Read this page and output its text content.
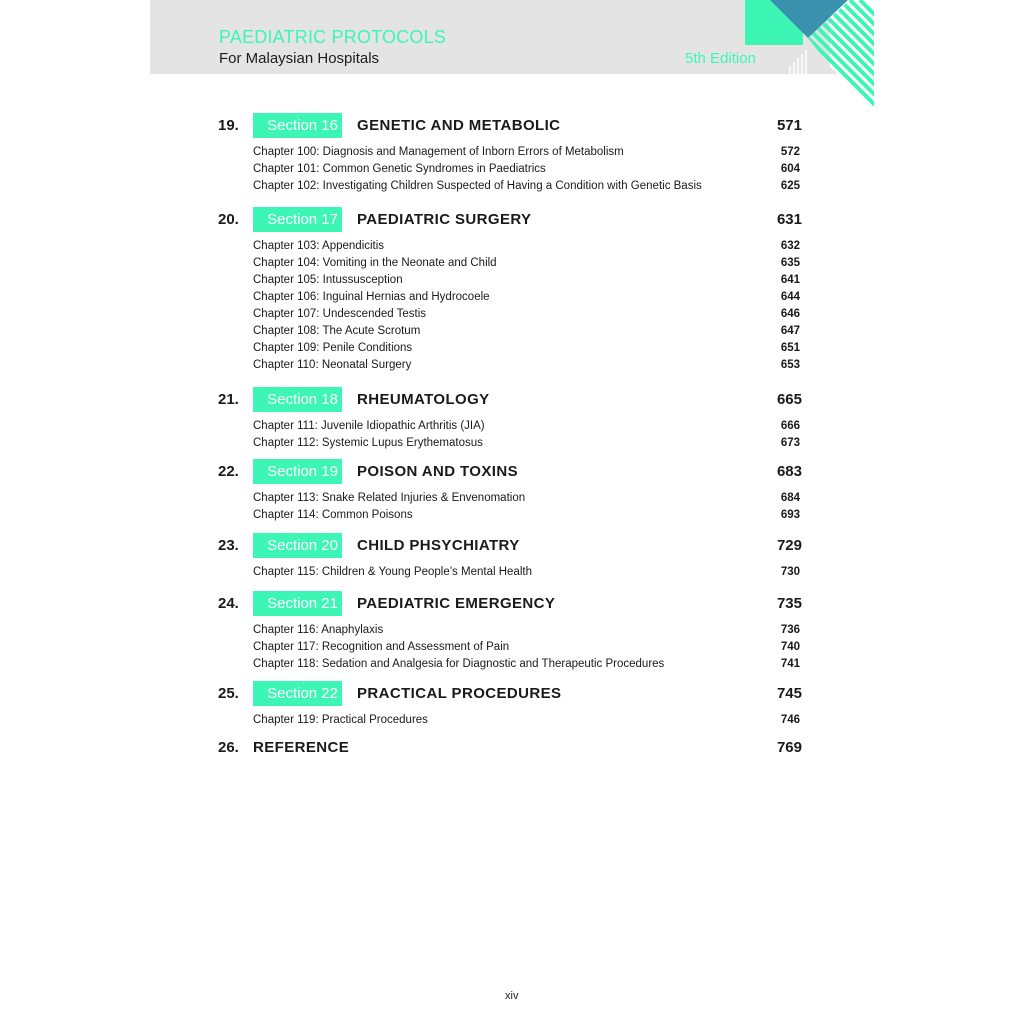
PAEDIATRIC PROTOCOLS
For Malaysian Hospitals	5th Edition
19.	Section 16 GENETIC AND METABOLIC	571
Chapter 100: Diagnosis and Management of Inborn Errors of Metabolism	572
Chapter 101: Common Genetic Syndromes in Paediatrics	604
Chapter 102: Investigating Children Suspected of Having a Condition with Genetic Basis	625
20.	Section 17 PAEDIATRIC SURGERY	631
Chapter 103: Appendicitis	632
Chapter 104: Vomiting in the Neonate and Child	635
Chapter 105: Intussusception	641
Chapter 106: Inguinal Hernias and Hydrocoele	644
Chapter 107: Undescended Testis	646
Chapter 108: The Acute Scrotum	647
Chapter 109: Penile Conditions	651
Chapter 110: Neonatal Surgery	653
21.	Section 18 RHEUMATOLOGY	665
Chapter 111: Juvenile Idiopathic Arthritis (JIA)	666
Chapter 112: Systemic Lupus Erythematosus	673
22.	Section 19 POISON AND TOXINS	683
Chapter 113: Snake Related Injuries & Envenomation	684
Chapter 114: Common Poisons	693
23.	Section 20 CHILD PHSYCHIATRY	729
Chapter 115: Children & Young People’s Mental Health	730
24.	Section 21 PAEDIATRIC EMERGENCY	735
Chapter 116: Anaphylaxis	736
Chapter 117: Recognition and Assessment of Pain	740
Chapter 118: Sedation and Analgesia for Diagnostic and Therapeutic Procedures	741
25.	Section 22 PRACTICAL PROCEDURES	745
Chapter 119: Practical Procedures	746
26. REFERENCE	769
xiv
